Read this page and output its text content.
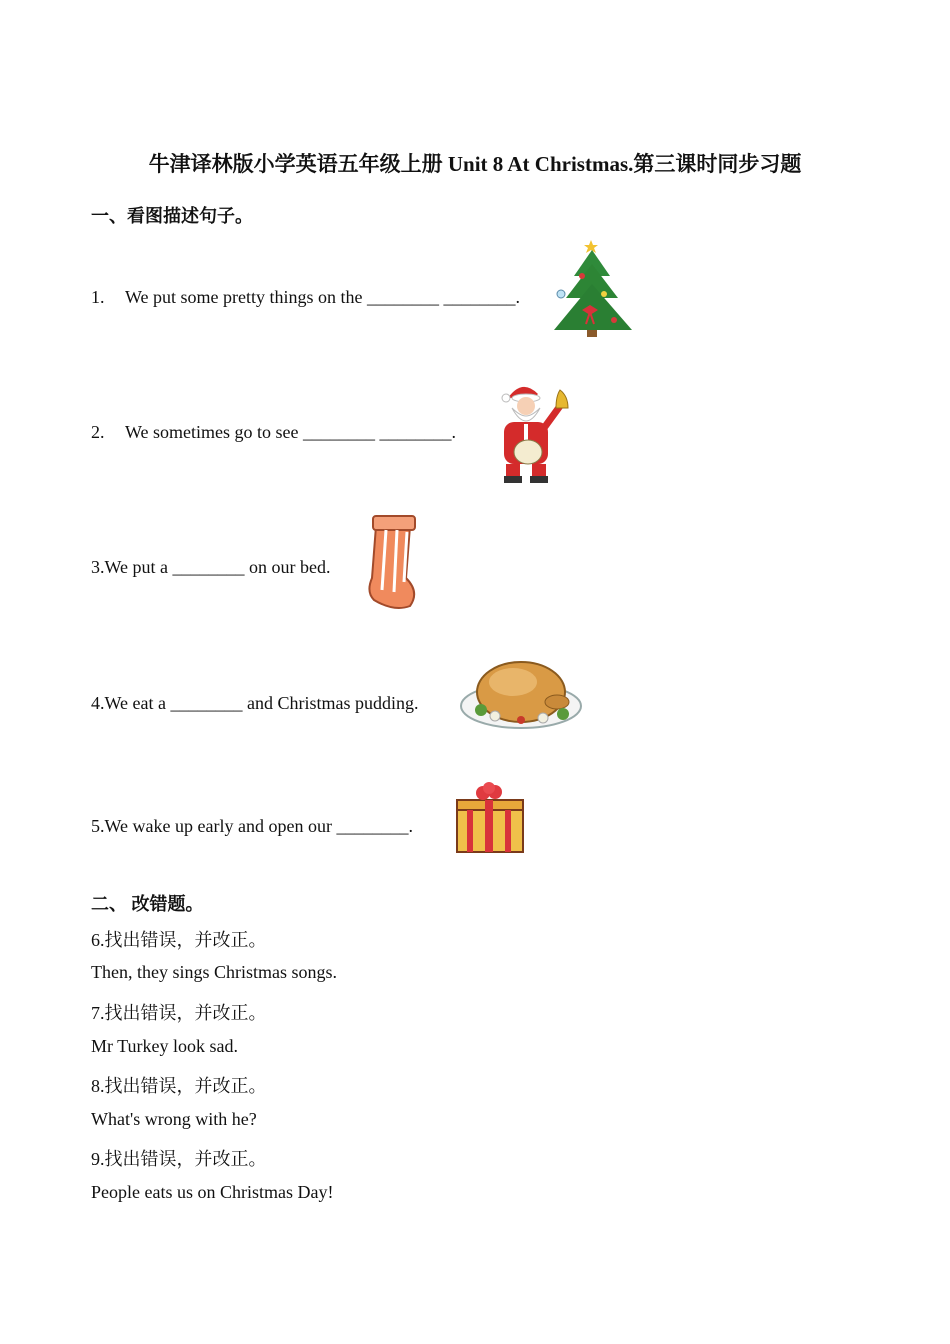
牛津译林版小学英语五年级上册 Unit 8 At Christmas.第三课时同步习题
一、看图描述句子。
1. We put some pretty things on the ________ ________.
2. We sometimes go to see ________ ________.
3.We put a ________ on our bed.
4.We eat a ________ and Christmas pudding.
5.We wake up early and open our ________.
二、 改错题。
6.找出错误，并改正。
Then, they sings Christmas songs.
7.找出错误，并改正。
Mr Turkey look sad.
8.找出错误，并改正。
What's wrong with he?
9.找出错误，并改正。
People eats us on Christmas Day!
